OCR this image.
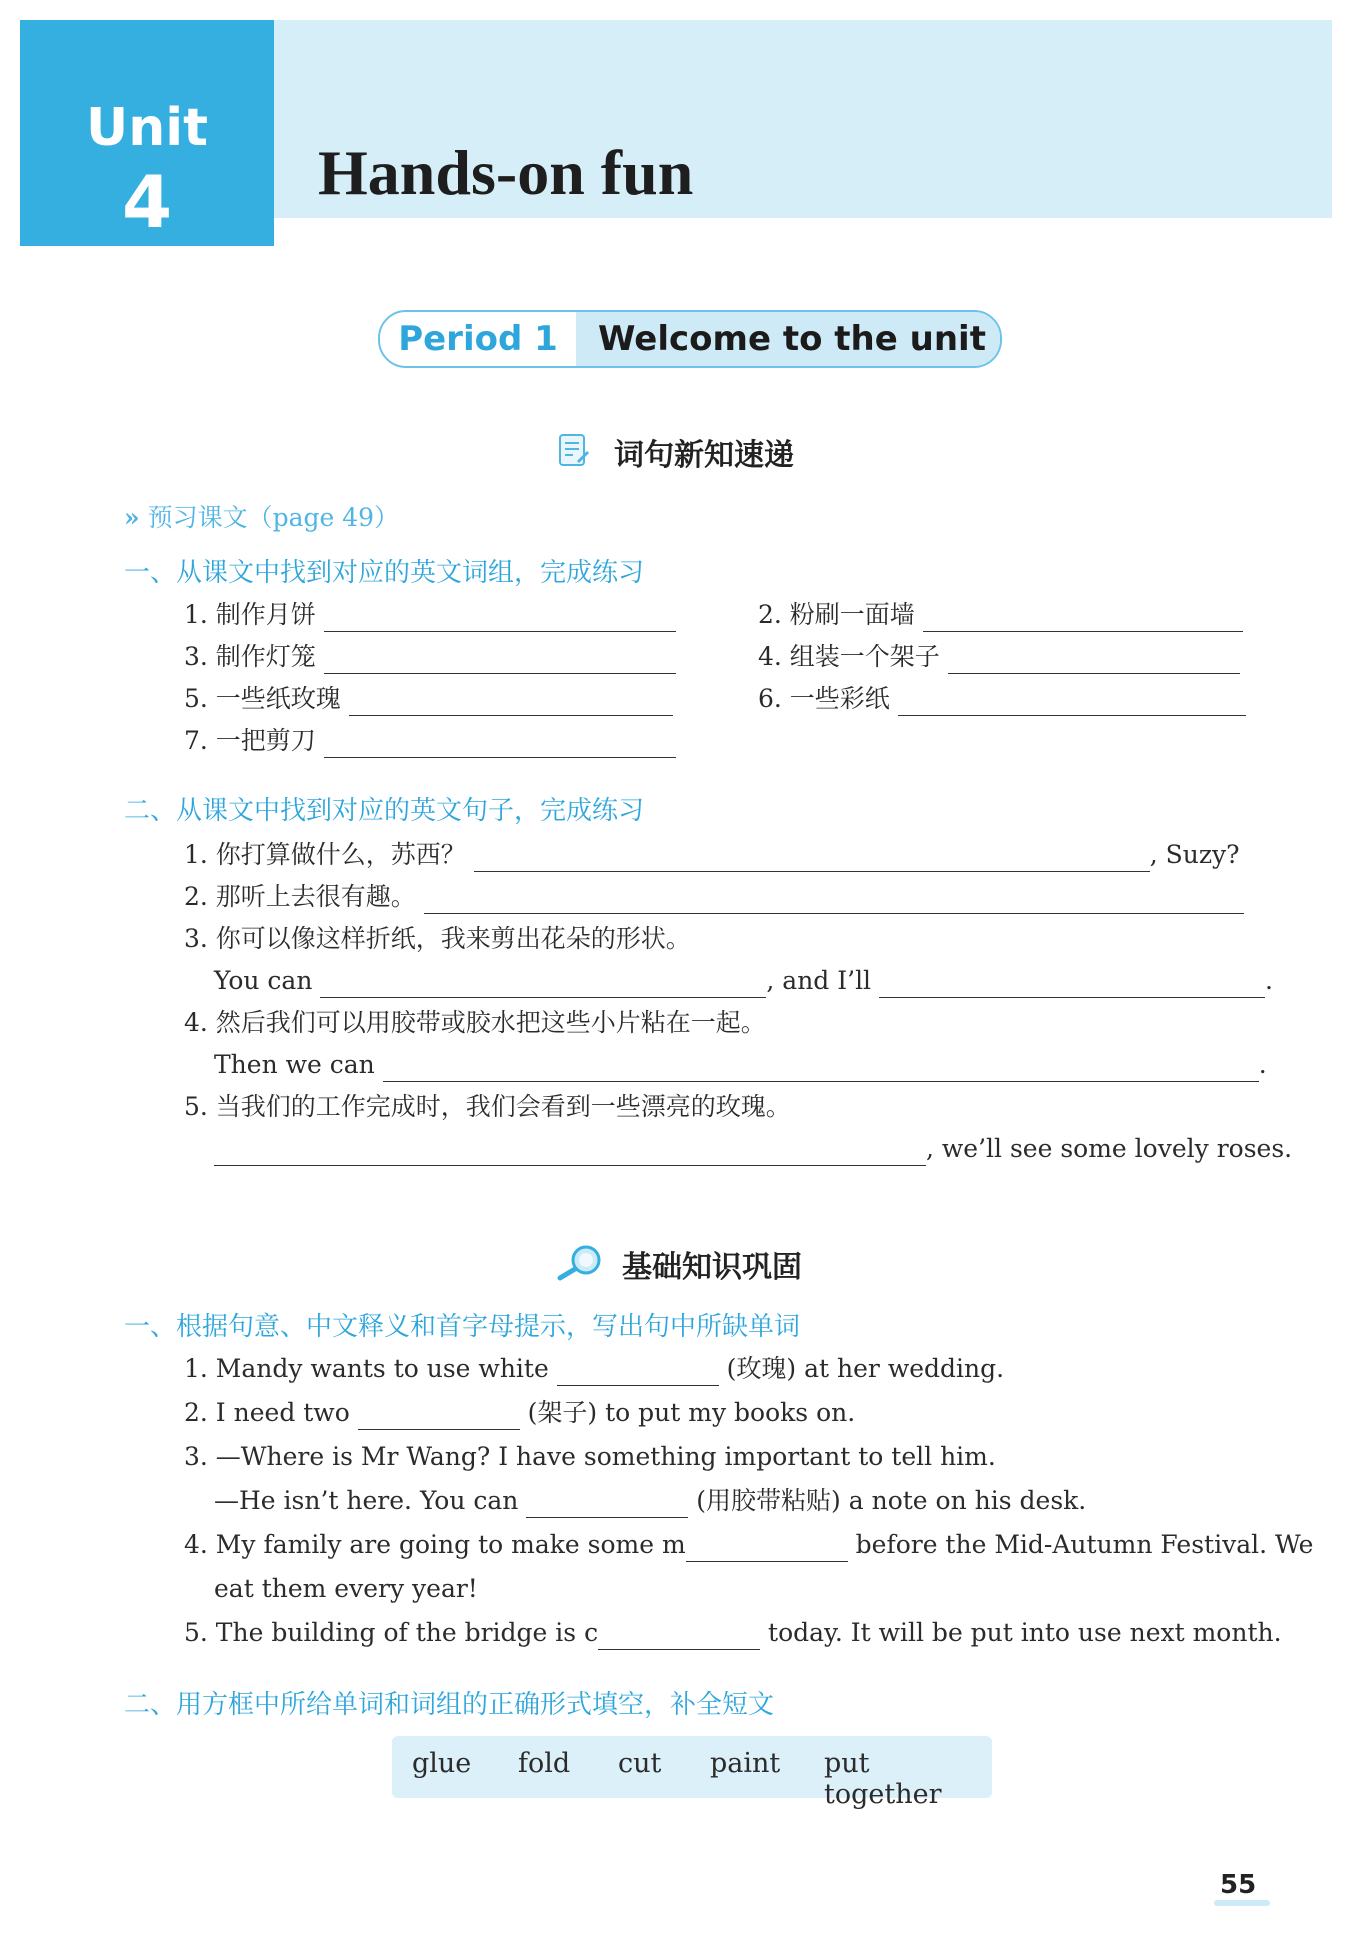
Unit
4	Hands-on fun
Period 1	Welcome to the unit
词句新知速递
» 预习课文（page 49）
一、从课文中找到对应的英文词组，完成练习
1. 制作月饼	2. 粉刷一面墙
3. 制作灯笼	4. 组装一个架子
5. 一些纸玫瑰	6. 一些彩纸
7. 一把剪刀
二、从课文中找到对应的英文句子，完成练习
1. 你打算做什么，苏西？	, Suzy?
2. 那听上去很有趣。
3. 你可以像这样折纸，我来剪出花朵的形状。
You can	, and I’ll	.
4. 然后我们可以用胶带或胶水把这些小片粘在一起。
Then we can	.
5. 当我们的工作完成时，我们会看到一些漂亮的玫瑰。
, we’ll see some lovely roses.
基础知识巩固
一、根据句意、中文释义和首字母提示，写出句中所缺单词
1. Mandy wants to use white	(玫瑰) at her wedding.
2. I need two	(架子) to put my books on.
3. —Where is Mr Wang? I have something important to tell him.
—He isn’t here. You can	(用胶带粘贴) a note on his desk.
4. My family are going to make some m	before the Mid-Autumn Festival. We
eat them every year!
5. The building of the bridge is c	today. It will be put into use next month.
二、用方框中所给单词和词组的正确形式填空，补全短文
glue fold cut paint put together
55
